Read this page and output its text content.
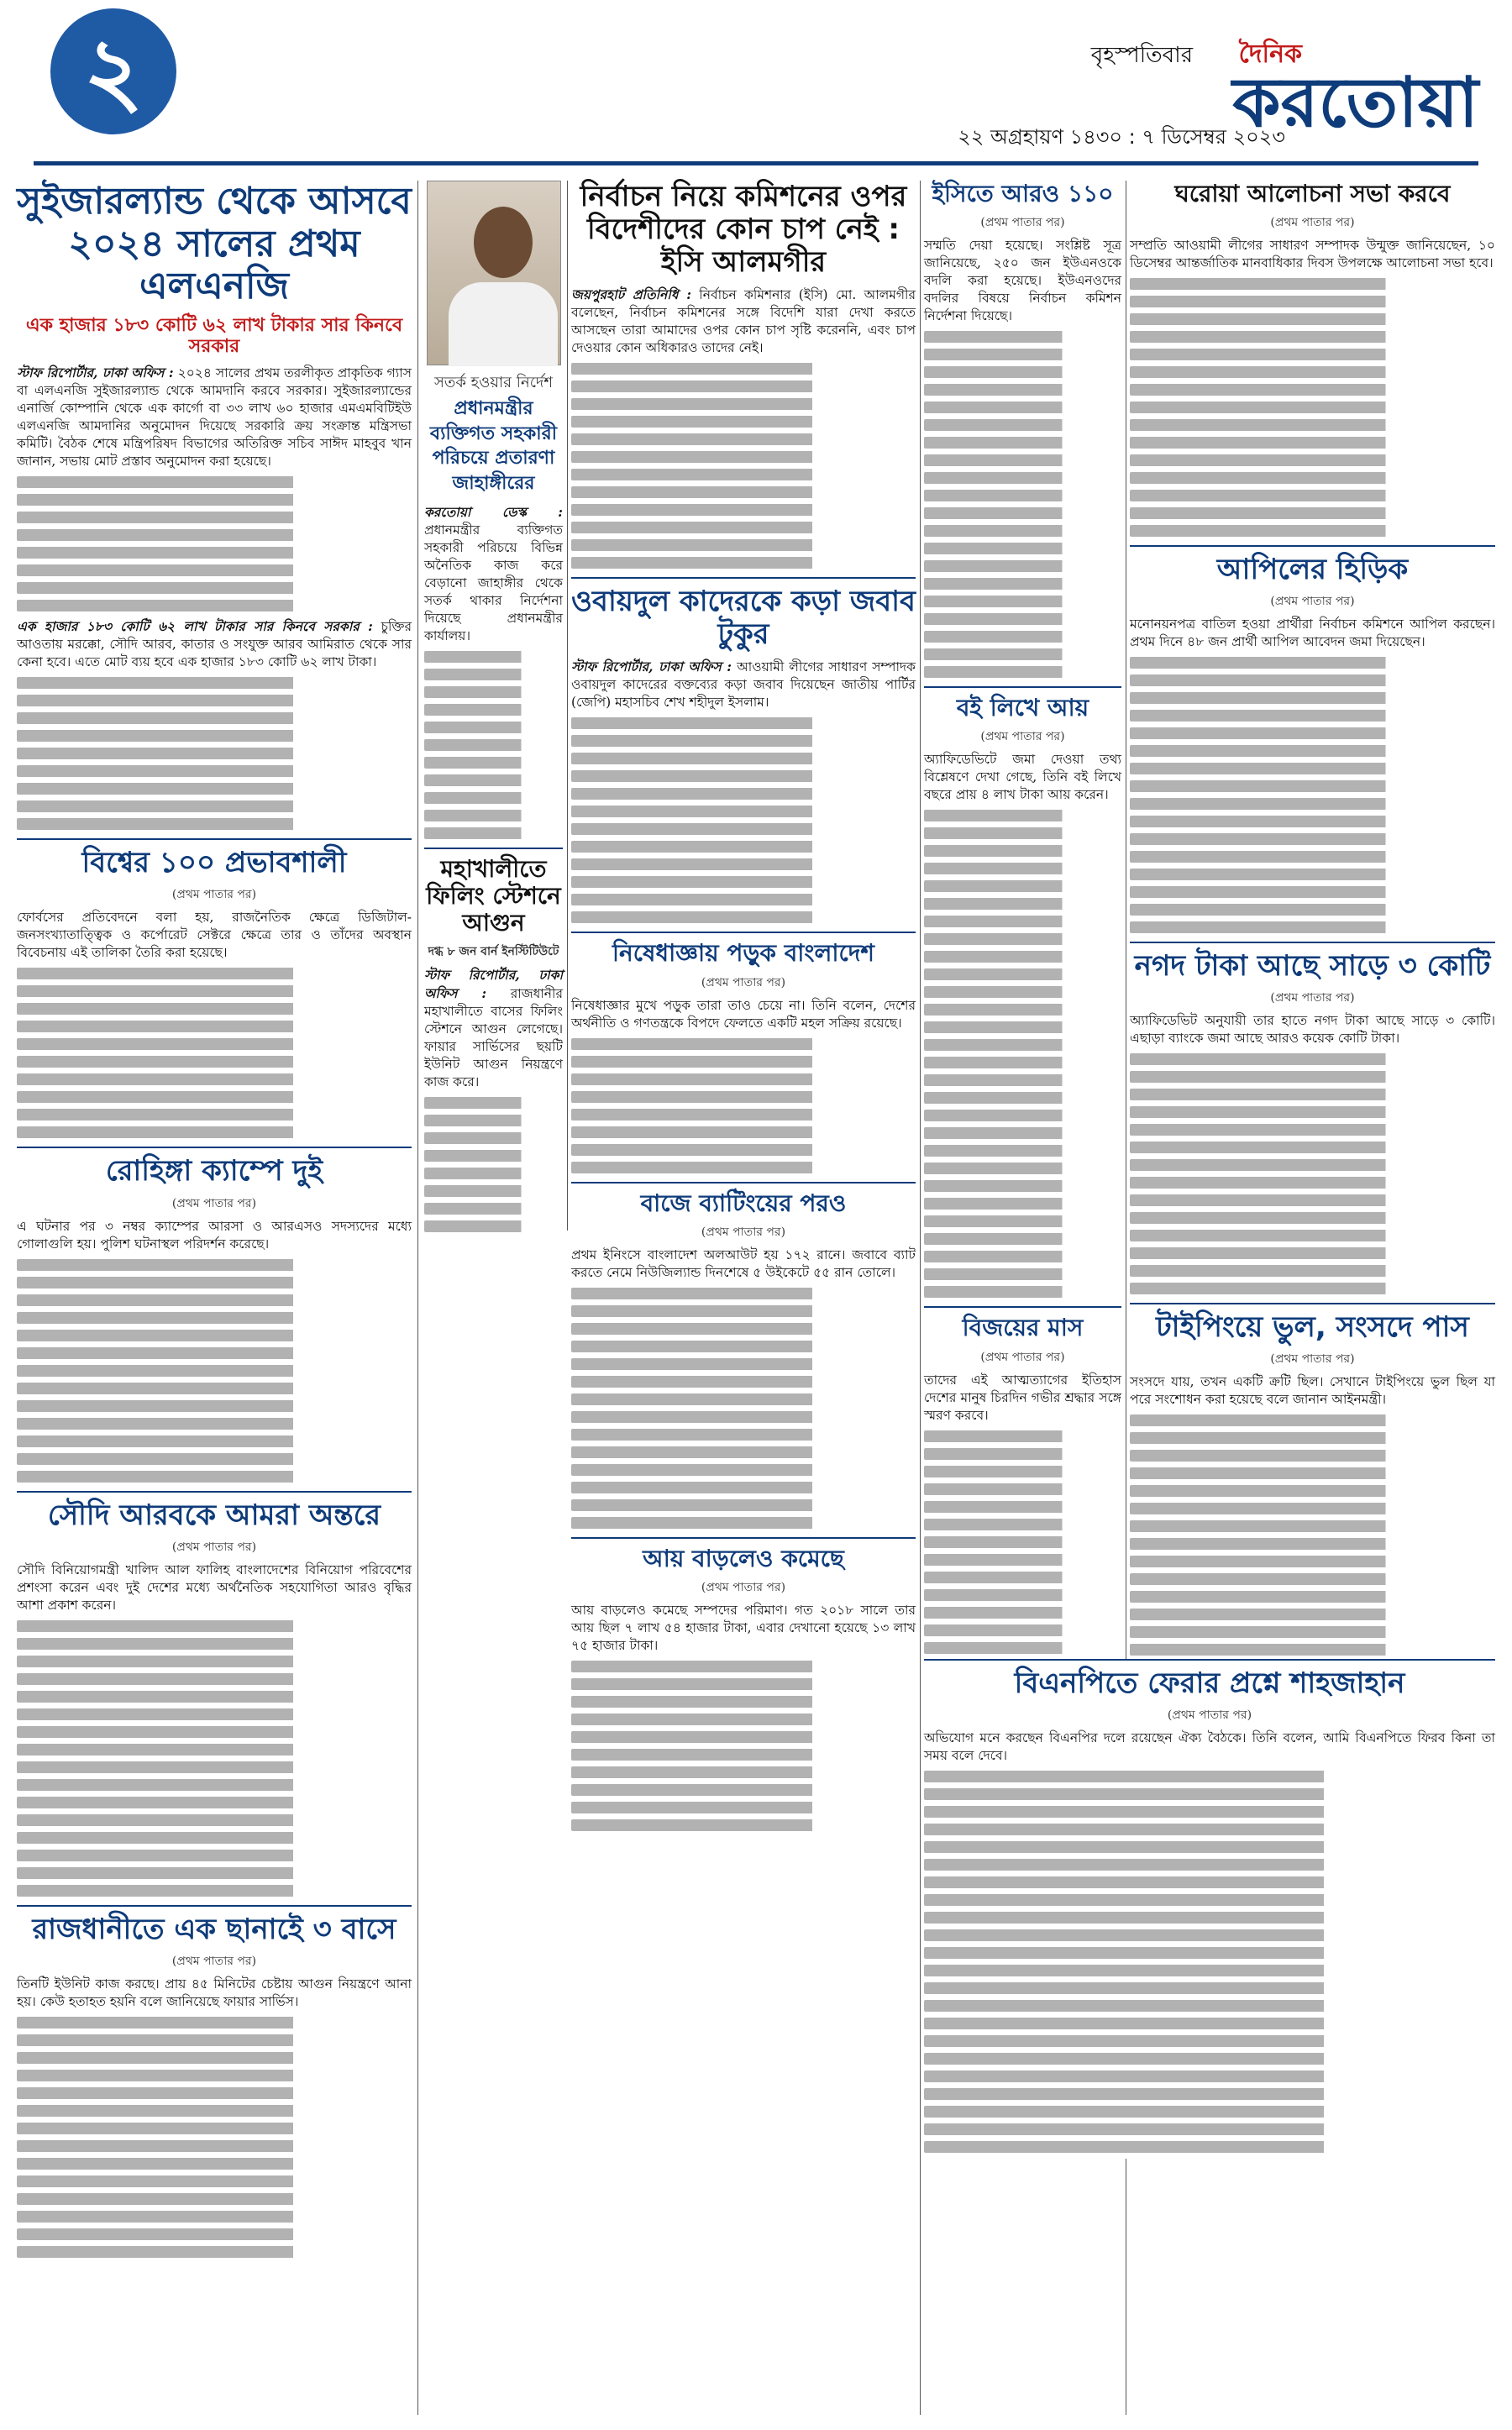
২	বৃহস্পতিবার দৈনিক
করতোয়া
২২ অগ্রহায়ণ ১৪৩০ : ৭ ডিসেম্বর ২০২৩
সুইজারল্যান্ড থেকে আসবে ২০২৪ সালের প্রথম এলএনজি
এক হাজার ১৮৩ কোটি ৬২ লাখ টাকার সার কিনবে সরকার

স্টাফ রিপোর্টার, ঢাকা অফিস : ২০২৪ সালের প্রথম তরলীকৃত প্রাকৃতিক গ্যাস বা এলএনজি সুইজারল্যান্ড থেকে আমদানি করবে সরকার। সুইজারল্যান্ডের এনার্জি কোম্পানি থেকে এক কার্গো বা ৩৩ লাখ ৬০ হাজার এমএমবিটিইউ এলএনজি আমদানির অনুমোদন দিয়েছে সরকারি ক্রয় সংক্রান্ত মন্ত্রিসভা কমিটি। বৈঠক শেষে মন্ত্রিপরিষদ বিভাগের অতিরিক্ত সচিব সাঈদ মাহবুব খান জানান, সভায় মোট প্রস্তাব অনুমোদন করা হয়েছে।

এক হাজার ১৮৩ কোটি ৬২ লাখ টাকার সার কিনবে সরকার : চুক্তির আওতায় মরক্কো, সৌদি আরব, কাতার ও সংযুক্ত আরব আমিরাত থেকে সার কেনা হবে। এতে মোট ব্যয় হবে এক হাজার ১৮৩ কোটি ৬২ লাখ টাকা।

বিশ্বের ১০০ প্রভাবশালী
(প্রথম পাতার পর)

ফোর্বসের প্রতিবেদনে বলা হয়, রাজনৈতিক ক্ষেত্রে ডিজিটাল-জনসংখ্যাতাত্ত্বিক ও কর্পোরেট সেক্টরে ক্ষেত্রে তার ও তাঁদের অবস্থান বিবেচনায় এই তালিকা তৈরি করা হয়েছে।

রোহিঙ্গা ক্যাম্পে দুই
(প্রথম পাতার পর)

এ ঘটনার পর ৩ নম্বর ক্যাম্পের আরসা ও আরএসও সদস্যদের মধ্যে গোলাগুলি হয়। পুলিশ ঘটনাস্থল পরিদর্শন করেছে।

সৌদি আরবকে আমরা অন্তরে
(প্রথম পাতার পর)

সৌদি বিনিয়োগমন্ত্রী খালিদ আল ফালিহ বাংলাদেশের বিনিয়োগ পরিবেশের প্রশংসা করেন এবং দুই দেশের মধ্যে অর্থনৈতিক সহযোগিতা আরও বৃদ্ধির আশা প্রকাশ করেন।

রাজধানীতে এক ছানাইে ৩ বাসে
(প্রথম পাতার পর)

তিনটি ইউনিট কাজ করছে। প্রায় ৪৫ মিনিটের চেষ্টায় আগুন নিয়ন্ত্রণে আনা হয়। কেউ হতাহত হয়নি বলে জানিয়েছে ফায়ার সার্ভিস।

সতর্ক হওয়ার নির্দেশ
প্রধানমন্ত্রীর ব্যক্তিগত সহকারী পরিচয়ে প্রতারণা জাহাঙ্গীরের

করতোয়া ডেস্ক : প্রধানমন্ত্রীর ব্যক্তিগত সহকারী পরিচয়ে বিভিন্ন অনৈতিক কাজ করে বেড়ানো জাহাঙ্গীর থেকে সতর্ক থাকার নির্দেশনা দিয়েছে প্রধানমন্ত্রীর কার্যালয়।

মহাখালীতে ফিলিং স্টেশনে আগুন
দগ্ধ ৮ জন বার্ন ইনস্টিটিউটে

স্টাফ রিপোর্টার, ঢাকা অফিস : রাজধানীর মহাখালীতে বাসের ফিলিং স্টেশনে আগুন লেগেছে। ফায়ার সার্ভিসের ছয়টি ইউনিট আগুন নিয়ন্ত্রণে কাজ করে।

নির্বাচন নিয়ে কমিশনের ওপর বিদেশীদের কোন চাপ নেই : ইসি আলমগীর

জয়পুরহাট প্রতিনিধি : নির্বাচন কমিশনার (ইসি) মো. আলমগীর বলেছেন, নির্বাচন কমিশনের সঙ্গে বিদেশি যারা দেখা করতে আসছেন তারা আমাদের ওপর কোন চাপ সৃষ্টি করেননি, এবং চাপ দেওয়ার কোন অধিকারও তাদের নেই।

ওবায়দুল কাদেরকে কড়া জবাব টুকুর

স্টাফ রিপোর্টার, ঢাকা অফিস : আওয়ামী লীগের সাধারণ সম্পাদক ওবায়দুল কাদেরের বক্তব্যের কড়া জবাব দিয়েছেন জাতীয় পার্টির (জেপি) মহাসচিব শেখ শহীদুল ইসলাম।

নিষেধাজ্ঞায় পড়ুক বাংলাদেশ
(প্রথম পাতার পর)

নিষেধাজ্ঞার মুখে পড়ুক তারা তাও চেয়ে না। তিনি বলেন, দেশের অর্থনীতি ও গণতন্ত্রকে বিপদে ফেলতে একটি মহল সক্রিয় রয়েছে।

বাজে ব্যাটিংয়ের পরও
(প্রথম পাতার পর)

প্রথম ইনিংসে বাংলাদেশ অলআউট হয় ১৭২ রানে। জবাবে ব্যাট করতে নেমে নিউজিল্যান্ড দিনশেষে ৫ উইকেটে ৫৫ রান তোলে।

আয় বাড়লেও কমেছে
(প্রথম পাতার পর)

আয় বাড়লেও কমেছে সম্পদের পরিমাণ। গত ২০১৮ সালে তার আয় ছিল ৭ লাখ ৫৪ হাজার টাকা, এবার দেখানো হয়েছে ১৩ লাখ ৭৫ হাজার টাকা।

ইসিতে আরও ১১০
(প্রথম পাতার পর)

সম্মতি দেয়া হয়েছে। সংশ্লিষ্ট সূত্র জানিয়েছে, ২৫০ জন ইউএনওকে বদলি করা হয়েছে। ইউএনওদের বদলির বিষয়ে নির্বাচন কমিশন নির্দেশনা দিয়েছে।

বই লিখে আয়
(প্রথম পাতার পর)

অ্যাফিডেভিটে জমা দেওয়া তথ্য বিশ্লেষণে দেখা গেছে, তিনি বই লিখে বছরে প্রায় ৪ লাখ টাকা আয় করেন।

বিজয়ের মাস
(প্রথম পাতার পর)

তাদের এই আত্মত্যাগের ইতিহাস দেশের মানুষ চিরদিন গভীর শ্রদ্ধার সঙ্গে স্মরণ করবে।

ঘরোয়া আলোচনা সভা করবে
(প্রথম পাতার পর)

সম্প্রতি আওয়ামী লীগের সাধারণ সম্পাদক উন্মুক্ত জানিয়েছেন, ১০ ডিসেম্বর আন্তর্জাতিক মানবাধিকার দিবস উপলক্ষে আলোচনা সভা হবে।

আপিলের হিড়িক
(প্রথম পাতার পর)

মনোনয়নপত্র বাতিল হওয়া প্রার্থীরা নির্বাচন কমিশনে আপিল করছেন। প্রথম দিনে ৪৮ জন প্রার্থী আপিল আবেদন জমা দিয়েছেন।

নগদ টাকা আছে সাড়ে ৩ কোটি
(প্রথম পাতার পর)

অ্যাফিডেভিট অনুযায়ী তার হাতে নগদ টাকা আছে সাড়ে ৩ কোটি। এছাড়া ব্যাংকে জমা আছে আরও কয়েক কোটি টাকা।

টাইপিংয়ে ভুল, সংসদে পাস
(প্রথম পাতার পর)

সংসদে যায়, তখন একটি ক্রটি ছিল। সেখানে টাইপিংয়ে ভুল ছিল যা পরে সংশোধন করা হয়েছে বলে জানান আইনমন্ত্রী।

বিএনপিতে ফেরার প্রশ্নে শাহজাহান
(প্রথম পাতার পর)

অভিযোগ মনে করছেন বিএনপির দলে রয়েছেন ঐক্য বৈঠকে। তিনি বলেন, আমি বিএনপিতে ফিরব কিনা তা সময় বলে দেবে।
